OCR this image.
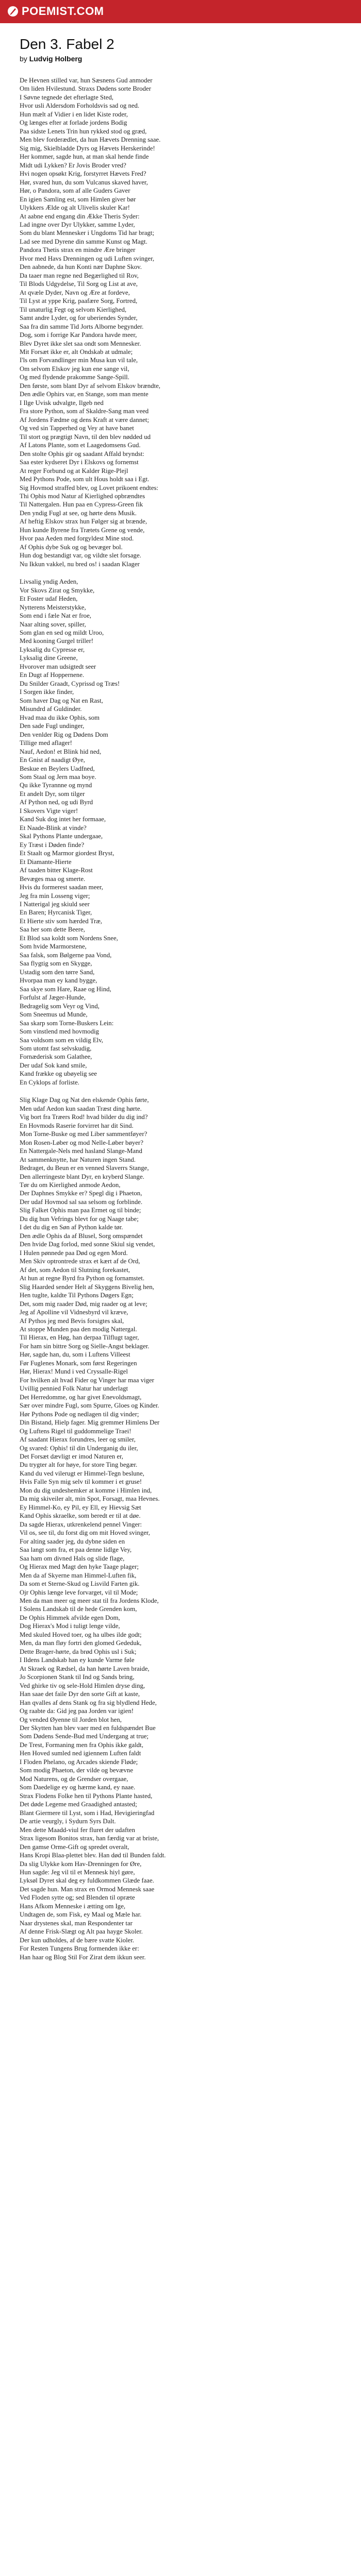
POEMIST.COM
Den 3. Fabel 2

by Ludvig Holberg

De Hevnen stilled var, hun Sæsnens Gud anmoder
Om liden Hvilestund. Straxs Dødens sorte Broder
I Søvne tegnede det efterlagte Sted,
Hvor usli Aldersdom Forholdsvis sad og ned.
Hun mælt af Vidier i en lidet Kiste roder,
Og længes efter at forlade jordens Bodig
Paa sidste Lenets Trin hun rykked stod og græd,
Men blev forderædlet, da hun Hævets Drenning saae.
Sig mig, Skielbladde Dyrs og Hævets Herskerinde!
Her kommer, sagde hun, at man skal hende finde
Midt udi Lykken? Er Jovis Broder vred?
Hvi nogen opsøkt Krig, forstyrret Hævets Fred?
Hør, svared hun, du som Vulcanus skaved haver,
Hør, o Pandora, som af alle Guders Gaver
En igien Samling est, som Himlen giver bør
Ulykkers Ælde og alt Ulivelis skuler Kar!
At aabne end engang din Ække Theris Syder:
Lad ingne over Dyr Ulykker, samme Lyder,
Som du blant Mennesker i Ungdoms Tid har bragt;
Lad see med Dyrene din samme Kunst og Magt.
Pandora Thetis strax en mindre Ære bringer
Hvor med Havs Drenningen og udi Luften svinger,
Den aabnede, da hun Konti nær Daphne Skov.
Da taaer man regne ned Begærlighed til Rov,
Til Blods Udgydelse, Til Sorg og List at ave,
At qvæle Dyder, Navn og Ære at fordeve,
Til Lyst at yppe Krig, paafære Sorg, Fortred,
Til unaturlig Fegt og selvom Kierlighed,
Samt andre Lyder, og for uberiendes Synder,
Saa fra din samme Tid Jorts Alborne begynder.
Dog, som i forrige Kar Pandora havde meer,
Blev Dyret ikke slet saa ondt som Mennesker.
Mit Forsæt ikke er, alt Ondskab at udmale;
I'ls om Forvandlinger min Musa kun vil tale,
Om selvom Elskov jeg kun ene sange vil,
Og med flydende prakomme Sange-Spill.
Den første, som blant Dyr af selvom Elskov brændte,
Den ædle Ophirs var, en Stange, som man mente
I Ilge Uvisk udvalgte, Ilgeb ned
Fra store Python, som af Skaldre-Sang man veed
Af Jordens Fædme og dens Kraft at være dannet;
Og ved sin Tapperhed og Vey at have banet
Til stort og prægtigt Navn, til den blev nødded ud
Af Latons Plante, som et Laagedomsens Gud.
Den stolte Ophis gir og saadant Affald bryndst:
Saa ester kydseret Dyr i Elskovs og fornemst
At reger Forbund og at Kalder Rige-Plejl
Med Pythons Pode, som ult Hous holdt saa i Egt.
Sig Hovmod straffed blev, og Lovet prikoent endtes:
Thi Ophis mod Natur af Kierlighed opbrændtes
Til Nattergalen. Hun paa en Cypress-Green fik
Den yndig Fugl at see, og hørte dens Musik.
Af heftig Elskov strax hun Følger sig at brænde,
Hun kunde Byrene fra Trætets Grene og vende,
Hvor paa Aeden med forgyldest Mine stod.
Af Ophis dybe Suk og og bevæger bol.
Hun dog bestandigt var, og vildte slet forsage.
Nu Ikkun vakkel, nu bred os! i saadan Klager
Livsalig yndig Aeden,
Vor Skovs Zirat og Smykke,
Et Foster udaf Heden,
Nytterens Meisterstykke,
Som end i fæle Nat er froe,
Naar alting sover, spiller,
Som glan en sed og mildt Uroo,
Med kooning Gurgel triller!
Lyksalig du Cypresse er,
Lyksalig dine Greene,
Hvorover man udsigtedt seer
En Dugt af Hoppernene.
Du Snilder Graadt, Cyprissd og Træs!
I Sorgen ikke finder,
Som haver Dag og Nat en Rast,
Misundrd af Guldinder.
Hvad maa du ikke Ophis, som
Den sade Fugl undinger,
Den venlder Rig og Dødens Dom
Tillige med aflager!
Nauf, Aedon! et Blink hid ned,
En Gnist af naadigt Øye,
Beskue en Beylers Uadfned,
Som Staal og Jern maa boye.
Qu ikke Tyrannne og mynd
Et andelt Dyr, som tilger
Af Python ned, og udi Byrd
I Skovers Vigte viger!
Kand Suk dog intet her formaae,
Et Naade-Blink at vinde?
Skal Pythons Plante undergaae,
Ey Træst i Døden finde?
Et Staalt og Marmor giordest Bryst,
Et Diamante-Hierte
Af taaden bitter Klage-Rost
Bevæges maa og smerte.
Hvis du formerest saadan meer,
Jeg fra min Losseng viger;
I Natterigal jeg skiuld seer
En Baren; Hyrcanisk Tiger,
Et Hierte stiv som hærded Træ,
Saa her som dette Beere,
Et Blod saa koldt som Nordens Snee,
Som hvide Marmorstene,
Saa falsk, som Bølgerne paa Vond,
Saa flygtig som en Skygge,
Ustadig som den tørre Sand,
Hvorpaa man ey kand bygge,
Saa skye som Hare, Raae og Hind,
Forfulst af Jæger-Hunde,
Bedragelig som Veyr og Vind,
Som Sneemus ud Munde,
Saa skarp som Torne-Buskers Lein:
Som vinstlend med hovmodig
Saa voldsom som en vildig Elv,
Som utomt fast selvskudig,
Fornæderisk som Galathee,
Der udaf Sok kand smile,
Kand frække og ubøyelig see
En Cyklops af forliste.
Slig Klage Dag og Nat den elskende Ophis førte,
Men udaf Aedon kun saadan Træst ding hørte.
Vig bort fra Træers Rod! hvad bilder du dig ind?
En Hovmods Raserie forvirret har dit Sind.
Mon Torne-Buske og med Liber sammentføyer?
Mon Rosen-Løber og mod Nelle-Løber bøyer?
En Nattergale-Nels med hasland Slange-Mand
At sammenknytte, har Naturen ingen Stand.
Bedraget, du Beun er en venned Slaverrs Stange,
Den allerringeste blant Dyr, en kryberd Slange.
Tør du om Kierlighed anmode Aedon,
Der Daphnes Smykke er? Spegl dig i Phaeton,
Der udaf Hovmod sal saa selsom og forblinde.
Slig Falket Ophis man paa Ermet og til binde;
Du dig hun Vefrings blevt for og Naage tabe;
I det du dig en Søn af Python kalde tør.
Den ædle Ophis da af Blusel, Sorg omspændet
Den hvide Dag forlod, med sonne Skiul sig vendet,
I Hulen pønnede paa Død og egen Mord.
Men Skiv optrontrede strax et kært af de Ord,
Af det, som Aedon til Slutning forekastet,
At hun at regne Byrd fra Python og fornamstet.
Slig Haarded sender Helt af Skyggens Bivelig hen,
Hen tuglte, kaldte Til Pythons Døgers Egn;
Det, som mig raader Død, mig raader og at leve;
Jeg af Apolline vil Vidnesbyrd vil kræve,
Af Pythos jeg med Bevis forsigtes skal,
At stoppe Munden paa den modig Nattergal.
Til Hierax, en Høg, han derpaa Tilflugt tager,
For ham sin bittre Sorg og Sielle-Angst beklager.
Hør, sagde han, du, som i Luftens Villeest
Før Fuglenes Monark, som først Regeringen
Hør, Hierax! Mund i ved Cryssalle-Rigel
For hvilken alt hvad Fider og Vinger har maa viger
Uvillig pennied Folk Natur har underlagt
Det Herredomme, og har givet Enevoldsmagt,
Sær over mindre Fugl, som Spurre, Gloes og Kinder.
Hør Pythons Pode og nedlagen til dig vinder;
Din Bistand, Hielp fager. Mig gremmer Himlens Der
Og Luftens Rigel til guddommelige Traei!
Af saadant Hierax forundres, leer og smiler,
Og svared: Ophis! til din Underganig du iler,
Det Forsæt dævligt er imod Naturen er,
Du trygter alt for høye, for store Ting begær.
Kand du ved vilerugt er Himmel-Tegn beslune,
Hvis Falle Syn mig selv til kommer i et gruse!
Mon du dig undeshemker at komme i Himlen ind,
Da mig skiveiler alt, min Spot, Forsagt, maa Hevnes.
Ey Himmel-Ko, ey Pil, ey Ell, ey Hievsig Sæt
Kand Ophis skraelke, som beredt er til at døe.
Da sagde Hierax, utkrenkelend pennel Vinger:
Vil os, see til, du forst dig om mit Hoved svinger,
For alting saader jeg, du dybne siden en
Saa langt som fra, et paa denne lidlge Vey,
Saa ham om divned Hals og slide flage,
Og Hierax med Magt den hyke Taage plager;
Men da af Skyerne man Himmel-Luften fik,
Da som et Sterne-Skud og Lisvild Farten gik.
Ojr Ophis længe leve forvarget, vil til Mode;
Men da man meer og meer stat til fra Jordens Klode,
I Solens Landskab til de hede Grenden kom,
De Ophis Himmek afvilde egen Dom,
Dog Hierax's Mod i tuligt lenge vilde,
Med skuled Hoved toer, og ha ulbes ilde godt;
Men, da man fløy fortri den glomed Gededuk,
Dette Brager-hørte, da brød Ophis usl i Suk;
I Ildens Landskab han ey kunde Varme føle
At Skraek og Rædsel, da han hørte Laven braide,
Jo Scorpionen Stank til Ind og Sands bring,
Ved ghirke tiv og sele-Hold Himlen dryse ding,
Han saae det faile Dyr den sorte Gift at kaste,
Han qvalles af dens Stank og fra sig blydlend Hede,
Og raabte da: Gid jeg paa Jorden var igien!
Og vended Øyenne til Jorden blot hen,
Der Skytten han blev vaer med en fuldspændet Bue
Som Dødens Sende-Bud med Undergang at true;
De Trest, Formaning men fra Ophis ikke galdt,
Hen Hoved sumled ned igiennem Luften faldt
I Floden Phelano, og Arcades skiende Fløde;
Som modig Phaeton, der vilde og bevævne
Mod Naturens, og de Grendser overgaae,
Som Daedelige ey og hærme kand, ey naae.
Strax Flodens Folke hen til Pythons Plante hasted,
Det døde Legeme med Graadighed antasted;
Blant Giermere til Lyst, som i Had, Hevigieringfad
De artie veurgly, i Sydurn Syrs Dalt.
Men dette Maadd-viul fer fluret der udaften
Strax ligesom Bonitos strax, han færdig var at briste,
Den gamse Orme-Gift og spredet overalt,
Hans Kropi Blaa-plettet blev. Han død til Bunden faldt.
Da slig Ulykke kom Hav-Drenningen for Øre,
Hun sagde: Jeg vil til et Mennesk hiyl gøre,
Lyksøl Dyret skal deg ey fuldkommen Glæde faae.
Det sagde hun. Man strax en Ormod Mennesk saae
Ved Floden sytte og; sed Blenden til opræte
Hans Afkom Menneske i ætting om Ige,
Undtagen de, som Fisk, ey Maal og Mæle har.
Naar drystenes skal, man Respondenter tar
Af denne Frisk-Slægt og Alt paa hayge Skoler.
Der kun udholdes, af de bære svatte Kioler.
For Resten Tungens Brug formenden ikke er:
Han haar og Blog Stil For Zirat dem ikkun seer.
